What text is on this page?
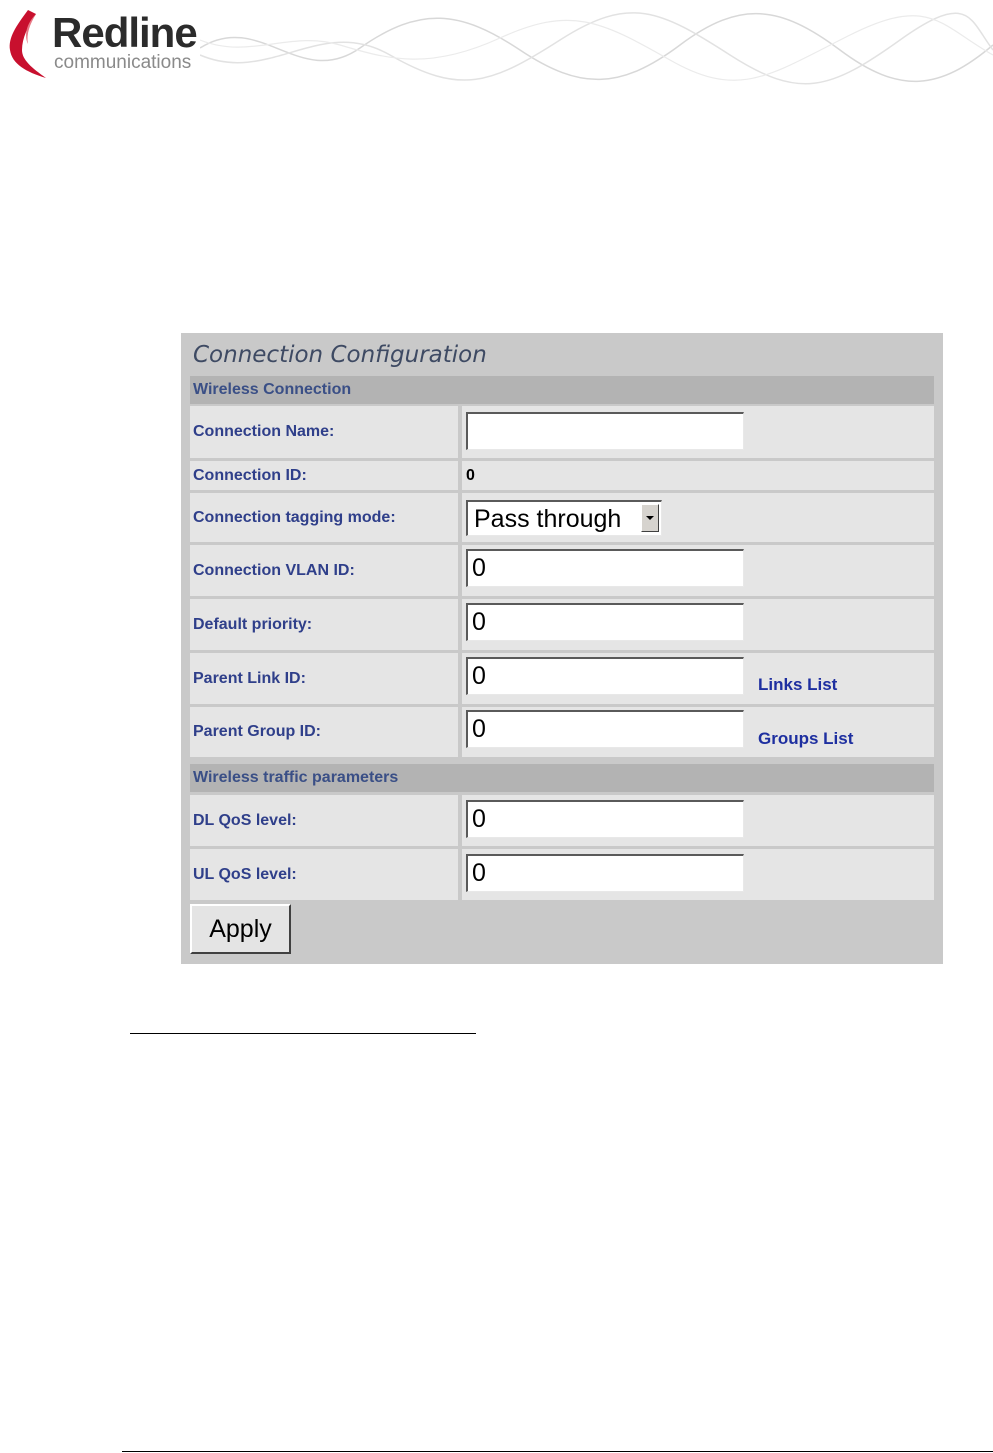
Redline
communications
Connection Configuration
Wireless Connection
Connection Name:
Connection ID:	0
Connection tagging mode:	Pass through
Connection VLAN ID:
0
Default priority:
0
Parent Link ID:
0	Links List
Parent Group ID:
0	Groups List
Wireless traffic parameters
DL QoS level:
0
UL QoS level:
0
Apply
